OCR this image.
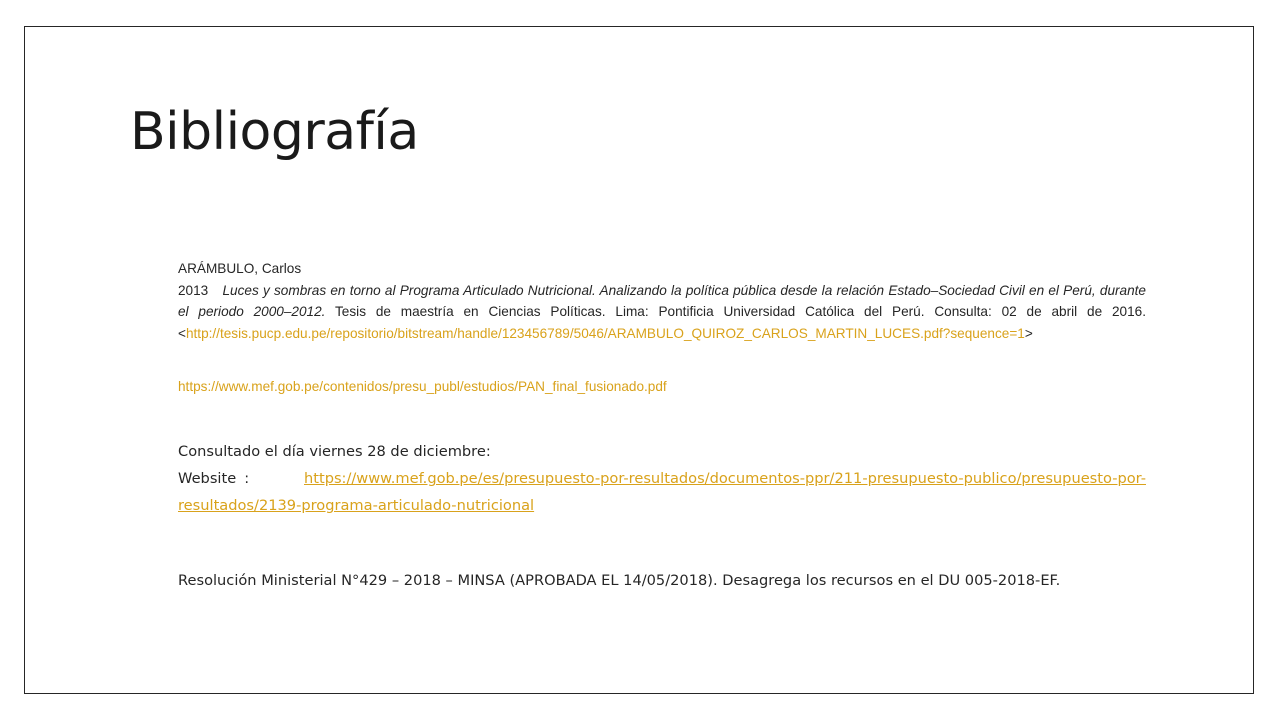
Bibliografía
ARÁMBULO, Carlos
2013 Luces y sombras en torno al Programa Articulado Nutricional. Analizando la política pública desde la relación Estado–Sociedad Civil en el Perú, durante el periodo 2000–2012. Tesis de maestría en Ciencias Políticas. Lima: Pontificia Universidad Católica del Perú. Consulta: 02 de abril de 2016. <http://tesis.pucp.edu.pe/repositorio/bitstream/handle/123456789/5046/ARAMBULO_QUIROZ_CARLOS_MARTIN_LUCES.pdf?sequence=1>
https://www.mef.gob.pe/contenidos/presu_publ/estudios/PAN_final_fusionado.pdf
Consultado el día viernes 28 de diciembre:
Website :	https://www.mef.gob.pe/es/presupuesto-por-resultados/documentos-ppr/211-presupuesto-publico/presupuesto-por-resultados/2139-programa-articulado-nutricional
Resolución Ministerial N°429 – 2018 – MINSA (APROBADA EL 14/05/2018). Desagrega los recursos en el DU 005-2018-EF.
